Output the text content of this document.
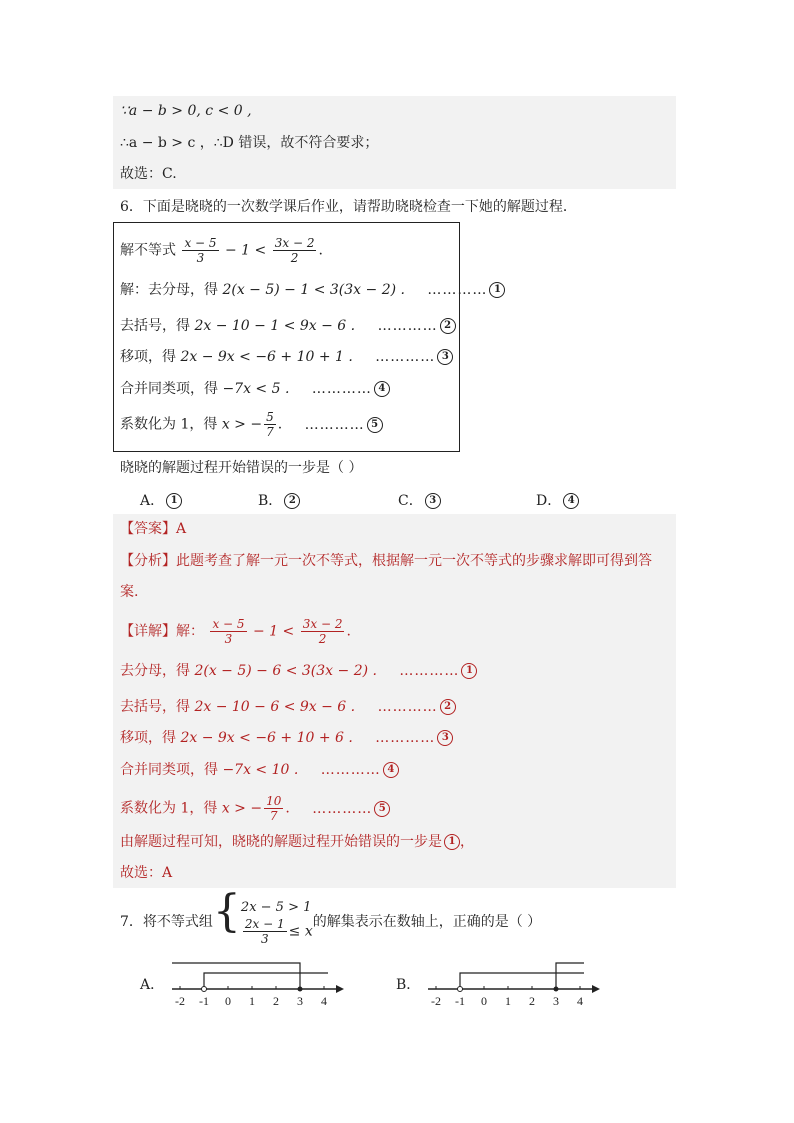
∵a − b > 0, c < 0 ,
∴a − b > c ，∴D 错误，故不符合要求；
故选：C.
6．下面是晓晓的一次数学课后作业，请帮助晓晓检查一下她的解题过程．
解不等式 $\frac{x - 5}{3} - 1 < \frac{3x - 2}{2}$ .
解：去分母，得 2(x − 5) − 1 < 3(3x − 2) . ………… 1
去括号，得 2x − 10 − 1 < 9x − 6 . ………… 2
移项，得 2x − 9x < −6 + 10 + 1 . ………… 3
合并同类项，得 −7x < 5 . ………… 4
系数化为 1，得 x > − $\frac{5}{7}$ . ………… 5
晓晓的解题过程开始错误的一步是（ ）
A． 1	B． 2	C． 3	D． 4
【答案】A
【分析】此题考查了解一元一次不等式，根据解一元一次不等式的步骤求解即可得到答
案.
【详解】解： $\frac{x - 5}{3} - 1 < \frac{3x - 2}{2}$ .
去分母，得 2(x − 5) − 6 < 3(3x − 2) . ………… 1
去括号，得 2x − 10 − 6 < 9x − 6 . ………… 2
移项，得 2x − 9x < −6 + 10 + 6 . ………… 3
合并同类项，得 −7x < 10 . ………… 4
系数化为 1，得 x > − $\frac{10}{7}$ . ………… 5
由解题过程可知，晓晓的解题过程开始错误的一步是 1 ，
故选：A
7．将不等式组{ 2x − 5 > 1
$\frac{2x - 1}{3} \le x$
的解集表示在数轴上，正确的是（ ）
A．	B．
-2 -1 0 1 2 3 4	-2 -1 0 1 2 3 4
